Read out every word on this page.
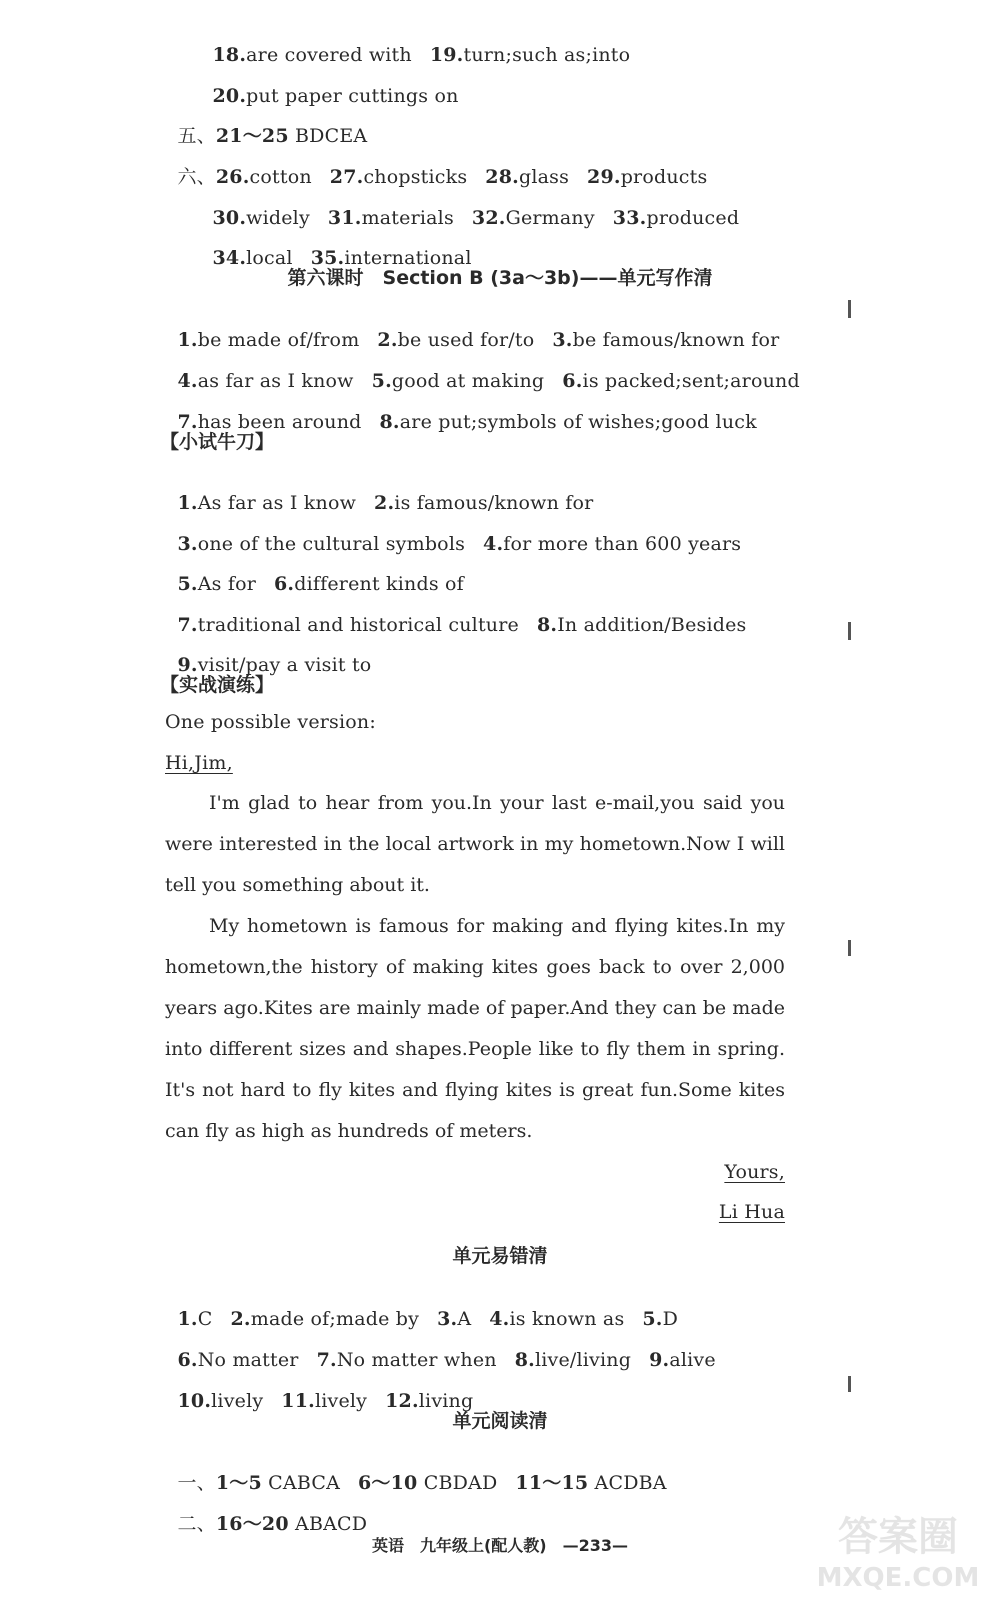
18.are covered with 19.turn;such as;into

20.put paper cuttings on

五、21～25 BDCEA

六、26.cotton 27.chopsticks 28.glass 29.products

30.widely 31.materials 32.Germany 33.produced

34.local 35.international

第六课时　Section B (3a～3b)——单元写作清

1.be made of/from 2.be used for/to 3.be famous/known for

4.as far as I know 5.good at making 6.is packed;sent;around

7.has been around 8.are put;symbols of wishes;good luck

【小试牛刀】

1.As far as I know 2.is famous/known for

3.one of the cultural symbols 4.for more than 600 years

5.As for 6.different kinds of

7.traditional and historical culture 8.In addition/Besides

9.visit/pay a visit to

【实战演练】
One possible version:
Hi,Jim,
I'm glad to hear from you.In your last e-mail,you said you were interested in the local artwork in my hometown.Now I will tell you something about it.
My hometown is famous for making and flying kites.In my hometown,the history of making kites goes back to over 2,000 years ago.Kites are mainly made of paper.And they can be made into different sizes and shapes.People like to fly them in spring. It's not hard to fly kites and flying kites is great fun.Some kites can fly as high as hundreds of meters.
Yours,
Li Hua
单元易错清

1.C 2.made of;made by 3.A 4.is known as 5.D

6.No matter 7.No matter when 8.live/living 9.alive

10.lively 11.lively 12.living

单元阅读清

一、1～5 CABCA 6～10 CBDAD 11～15 ACDBA

二、16～20 ABACD

英语　九年级上(配人教)　—233—	答案圈
MXQE.COM
